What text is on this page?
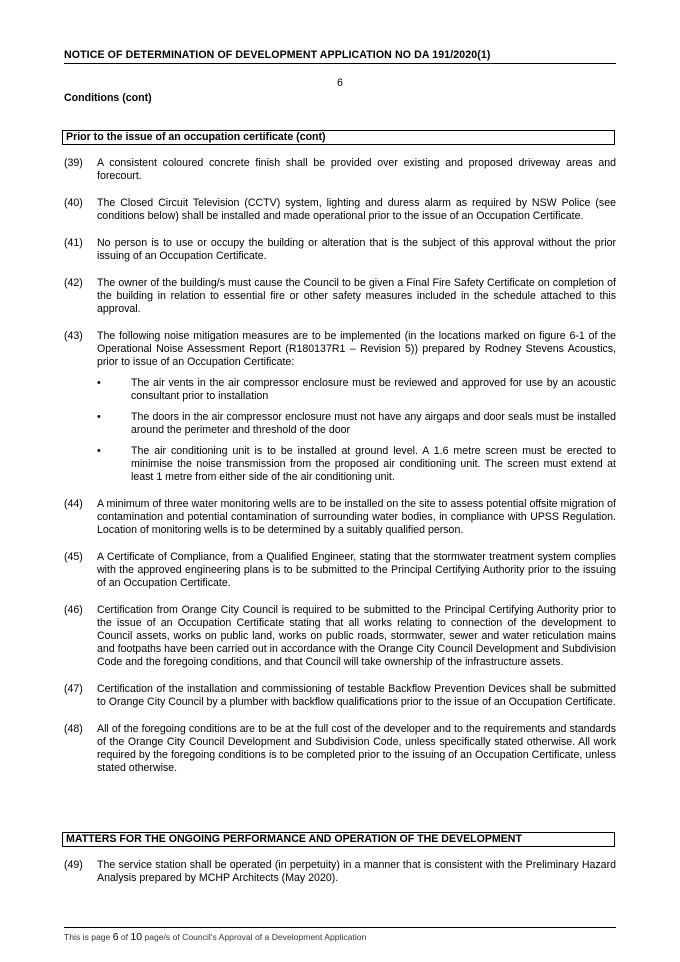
NOTICE OF DETERMINATION OF DEVELOPMENT APPLICATION NO DA 191/2020(1)
6
Conditions (cont)
Prior to the issue of an occupation certificate (cont)
(39)	A consistent coloured concrete finish shall be provided over existing and proposed driveway areas and forecourt.
(40)	The Closed Circuit Television (CCTV) system, lighting and duress alarm as required by NSW Police (see conditions below) shall be installed and made operational prior to the issue of an Occupation Certificate.
(41)	No person is to use or occupy the building or alteration that is the subject of this approval without the prior issuing of an Occupation Certificate.
(42)	The owner of the building/s must cause the Council to be given a Final Fire Safety Certificate on completion of the building in relation to essential fire or other safety measures included in the schedule attached to this approval.
(43)	The following noise mitigation measures are to be implemented (in the locations marked on figure 6-1 of the Operational Noise Assessment Report (R180137R1 – Revision 5)) prepared by Rodney Stevens Acoustics, prior to issue of an Occupation Certificate:
•	The air vents in the air compressor enclosure must be reviewed and approved for use by an acoustic consultant prior to installation
•	The doors in the air compressor enclosure must not have any airgaps and door seals must be installed around the perimeter and threshold of the door
•	The air conditioning unit is to be installed at ground level. A 1.6 metre screen must be erected to minimise the noise transmission from the proposed air conditioning unit. The screen must extend at least 1 metre from either side of the air conditioning unit.
(44)	A minimum of three water monitoring wells are to be installed on the site to assess potential offsite migration of contamination and potential contamination of surrounding water bodies, in compliance with UPSS Regulation. Location of monitoring wells is to be determined by a suitably qualified person.
(45)	A Certificate of Compliance, from a Qualified Engineer, stating that the stormwater treatment system complies with the approved engineering plans is to be submitted to the Principal Certifying Authority prior to the issuing of an Occupation Certificate.
(46)	Certification from Orange City Council is required to be submitted to the Principal Certifying Authority prior to the issue of an Occupation Certificate stating that all works relating to connection of the development to Council assets, works on public land, works on public roads, stormwater, sewer and water reticulation mains and footpaths have been carried out in accordance with the Orange City Council Development and Subdivision Code and the foregoing conditions, and that Council will take ownership of the infrastructure assets.
(47)	Certification of the installation and commissioning of testable Backflow Prevention Devices shall be submitted to Orange City Council by a plumber with backflow qualifications prior to the issue of an Occupation Certificate.
(48)	All of the foregoing conditions are to be at the full cost of the developer and to the requirements and standards of the Orange City Council Development and Subdivision Code, unless specifically stated otherwise. All work required by the foregoing conditions is to be completed prior to the issuing of an Occupation Certificate, unless stated otherwise.
MATTERS FOR THE ONGOING PERFORMANCE AND OPERATION OF THE DEVELOPMENT
(49)	The service station shall be operated (in perpetuity) in a manner that is consistent with the Preliminary Hazard Analysis prepared by MCHP Architects (May 2020).
This is page 6 of 10 page/s of Council's Approval of a Development Application
